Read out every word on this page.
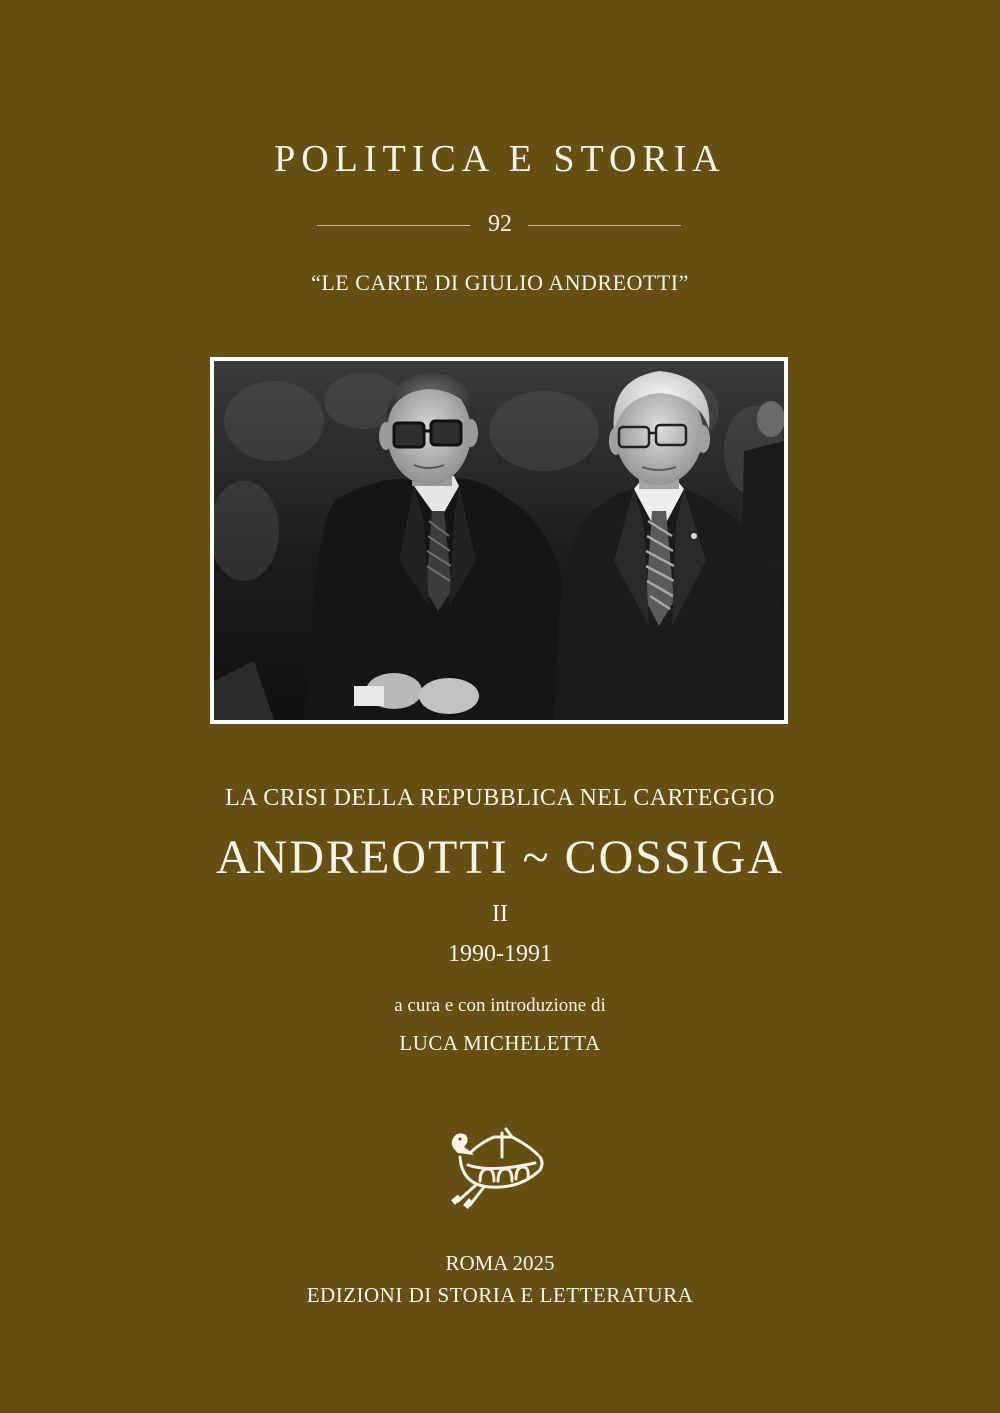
POLITICA E STORIA
92
“LE CARTE DI GIULIO ANDREOTTI”
LA CRISI DELLA REPUBBLICA NEL CARTEGGIO
ANDREOTTI ~ COSSIGA
II
1990-1991
a cura e con introduzione di
LUCA MICHELETTA
ROMA 2025
EDIZIONI DI STORIA E LETTERATURA
